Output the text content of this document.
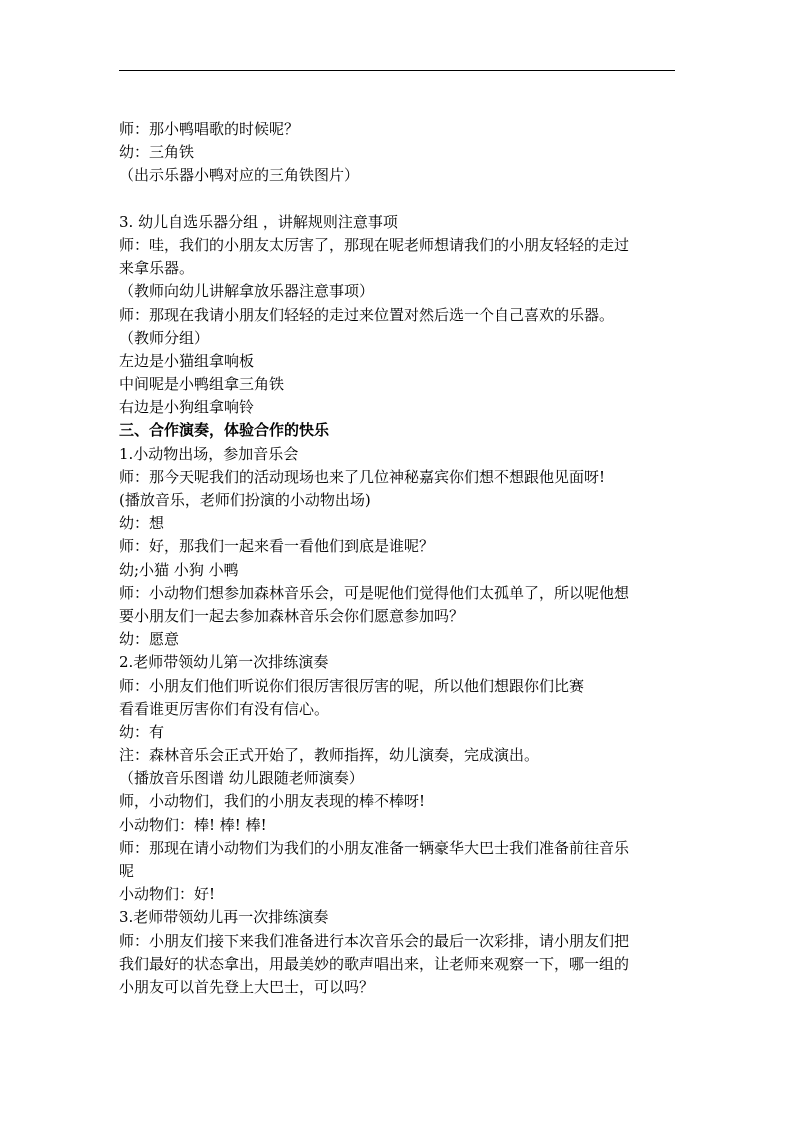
师：那小鸭唱歌的时候呢？
幼：三角铁
（出示乐器小鸭对应的三角铁图片）
3. 幼儿自选乐器分组 ，讲解规则注意事项
师：哇，我们的小朋友太厉害了，那现在呢老师想请我们的小朋友轻轻的走过
来拿乐器。
（教师向幼儿讲解拿放乐器注意事项）
师：那现在我请小朋友们轻轻的走过来位置对然后选一个自己喜欢的乐器。
（教师分组）
左边是小猫组拿响板
中间呢是小鸭组拿三角铁
右边是小狗组拿响铃
三、合作演奏，体验合作的快乐
1.小动物出场，参加音乐会
师：那今天呢我们的活动现场也来了几位神秘嘉宾你们想不想跟他见面呀!
(播放音乐，老师们扮演的小动物出场)
幼：想
师：好，那我们一起来看一看他们到底是谁呢？
幼;小猫 小狗 小鸭
师：小动物们想参加森林音乐会，可是呢他们觉得他们太孤单了，所以呢他想
要小朋友们一起去参加森林音乐会你们愿意参加吗？
幼：愿意
2.老师带领幼儿第一次排练演奏
师：小朋友们他们听说你们很厉害很厉害的呢，所以他们想跟你们比赛
看看谁更厉害你们有没有信心。
幼：有
注：森林音乐会正式开始了，教师指挥，幼儿演奏，完成演出。
（播放音乐图谱 幼儿跟随老师演奏）
师，小动物们，我们的小朋友表现的棒不棒呀!
小动物们：棒! 棒! 棒!
师：那现在请小动物们为我们的小朋友准备一辆豪华大巴士我们准备前往音乐
呢
小动物们：好!
3.老师带领幼儿再一次排练演奏
师：小朋友们接下来我们准备进行本次音乐会的最后一次彩排，请小朋友们把
我们最好的状态拿出，用最美妙的歌声唱出来，让老师来观察一下，哪一组的
小朋友可以首先登上大巴士，可以吗？
